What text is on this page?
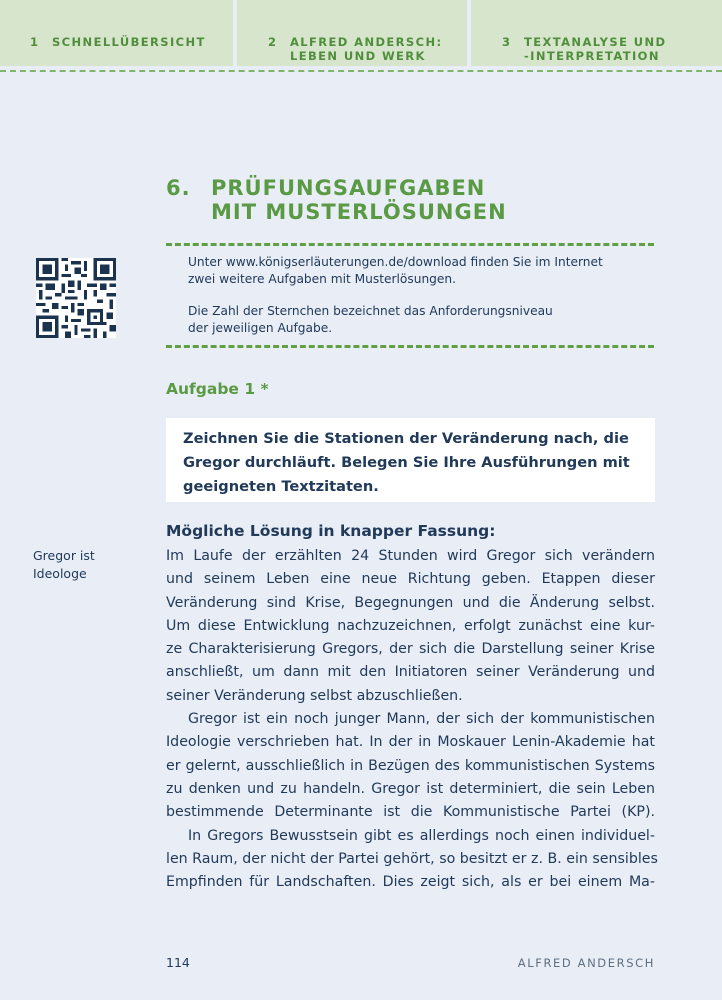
1 SCHNELLÜBERSICHT	2 ALFRED ANDERSCH:
LEBEN UND WERK
3 TEXTANALYSE UND
-INTERPRETATION
6. PRÜFUNGSAUFGABEN
MIT MUSTERLÖSUNGEN
Unter www.königserläuterungen.de/download finden Sie im Internet
zwei weitere Aufgaben mit Musterlösungen.
Die Zahl der Sternchen bezeichnet das Anforderungsniveau
der jeweiligen Aufgabe.
Aufgabe 1 *
Zeichnen Sie die Stationen der Veränderung nach, die
Gregor durchläuft. Belegen Sie Ihre Ausführungen mit
geeigneten Textzitaten.
Mögliche Lösung in knapper Fassung:
Gregor ist
Ideologe
Im Laufe der erzählten 24 Stunden wird Gregor sich verändern
und seinem Leben eine neue Richtung geben. Etappen dieser
Veränderung sind Krise, Begegnungen und die Änderung selbst.
Um diese Entwicklung nachzuzeichnen, erfolgt zunächst eine kur-
ze Charakterisierung Gregors, der sich die Darstellung seiner Krise
anschließt, um dann mit den Initiatoren seiner Veränderung und
seiner Veränderung selbst abzuschließen.
Gregor ist ein noch junger Mann, der sich der kommunistischen
Ideologie verschrieben hat. In der in Moskauer Lenin-Akademie hat
er gelernt, ausschließlich in Bezügen des kommunistischen Systems
zu denken und zu handeln. Gregor ist determiniert, die sein Leben
bestimmende Determinante ist die Kommunistische Partei (KP).
In Gregors Bewusstsein gibt es allerdings noch einen individuel-
len Raum, der nicht der Partei gehört, so besitzt er z. B. ein sensibles
Empfinden für Landschaften. Dies zeigt sich, als er bei einem Ma-
114	ALFRED ANDERSCH
